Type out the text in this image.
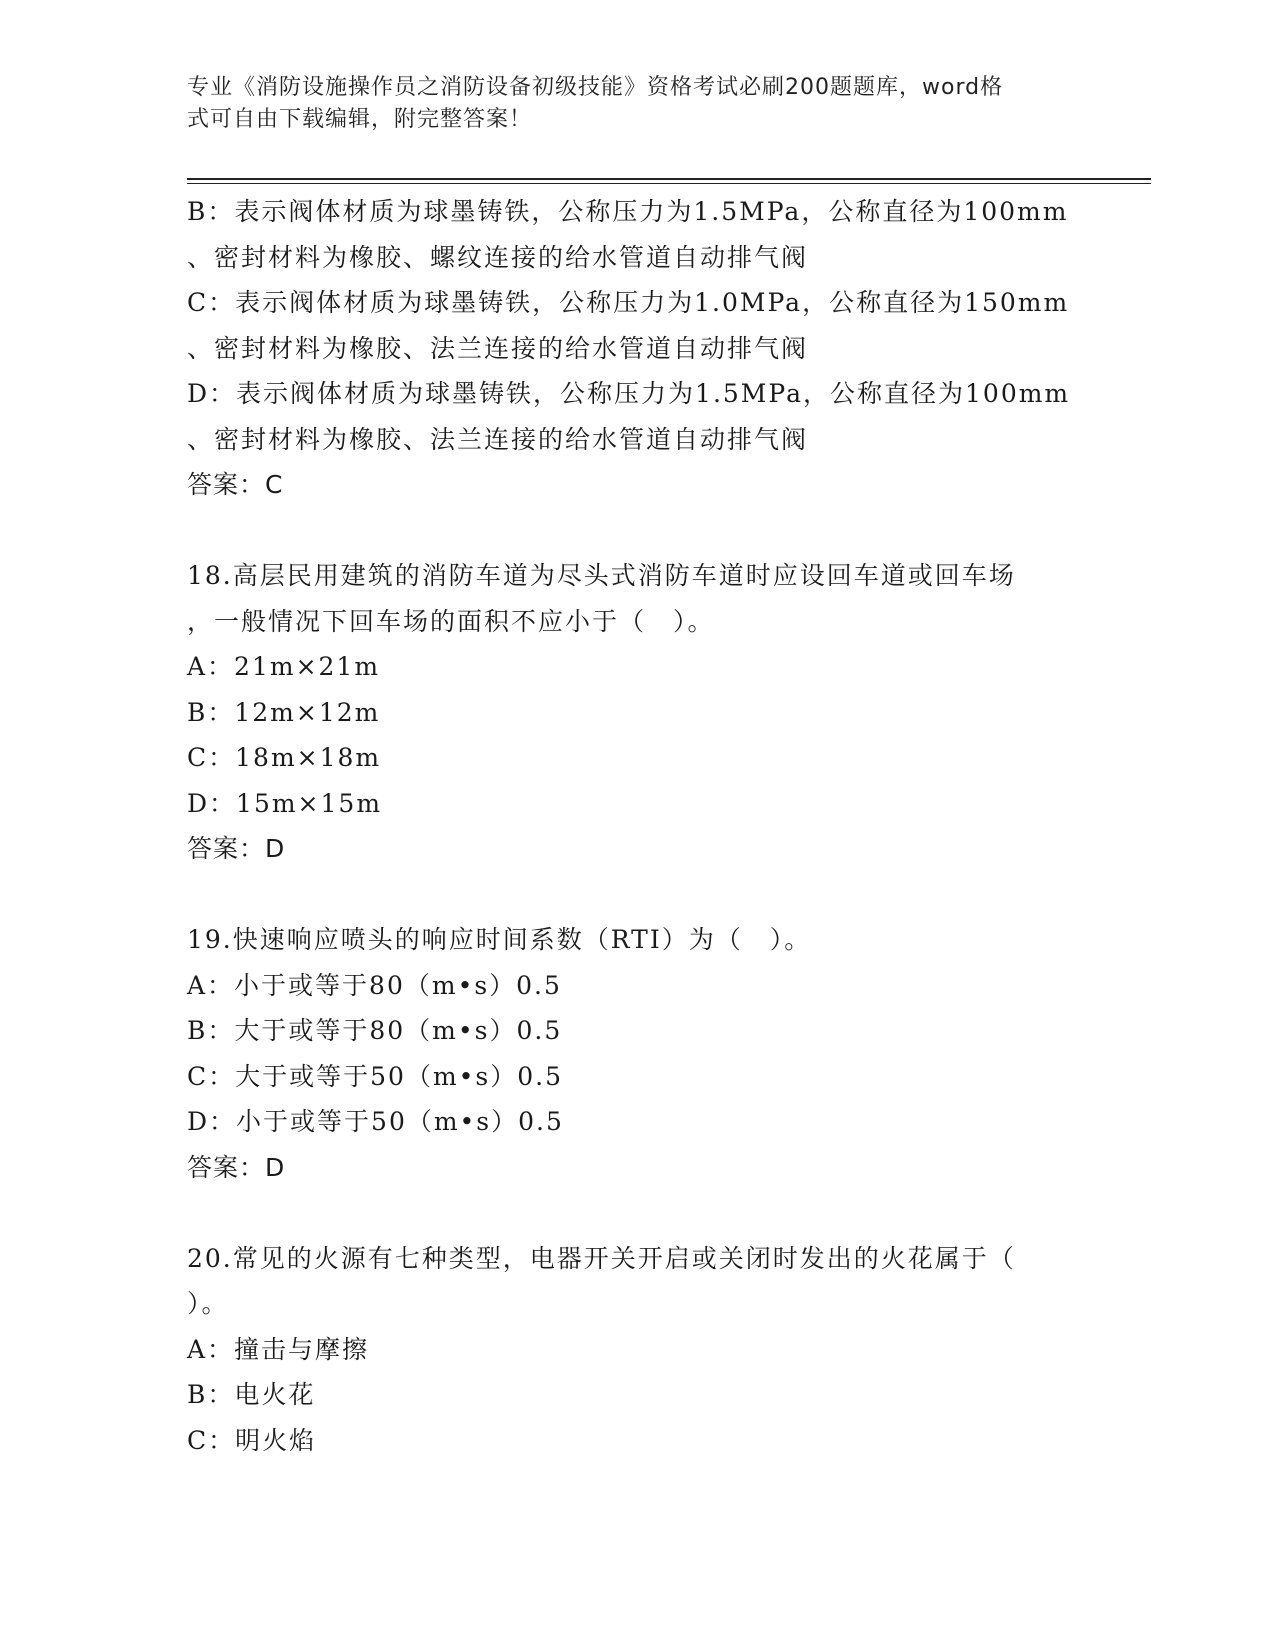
专业《消防设施操作员之消防设备初级技能》资格考试必刷200题题库，word格
式可自由下载编辑，附完整答案！
B：表示阀体材质为球墨铸铁，公称压力为1.5MPa，公称直径为100mm
、密封材料为橡胶、螺纹连接的给水管道自动排气阀
C：表示阀体材质为球墨铸铁，公称压力为1.0MPa，公称直径为150mm
、密封材料为橡胶、法兰连接的给水管道自动排气阀
D：表示阀体材质为球墨铸铁，公称压力为1.5MPa，公称直径为100mm
、密封材料为橡胶、法兰连接的给水管道自动排气阀
答案：C
18.高层民用建筑的消防车道为尽头式消防车道时应设回车道或回车场
，一般情况下回车场的面积不应小于（　）。
A：21m×21m
B：12m×12m
C：18m×18m
D：15m×15m
答案：D
19.快速响应喷头的响应时间系数（RTI）为（　）。
A：小于或等于80（m•s）0.5
B：大于或等于80（m•s）0.5
C：大于或等于50（m•s）0.5
D：小于或等于50（m•s）0.5
答案：D
20.常见的火源有七种类型，电器开关开启或关闭时发出的火花属于（
）。
A：撞击与摩擦
B：电火花
C：明火焰
